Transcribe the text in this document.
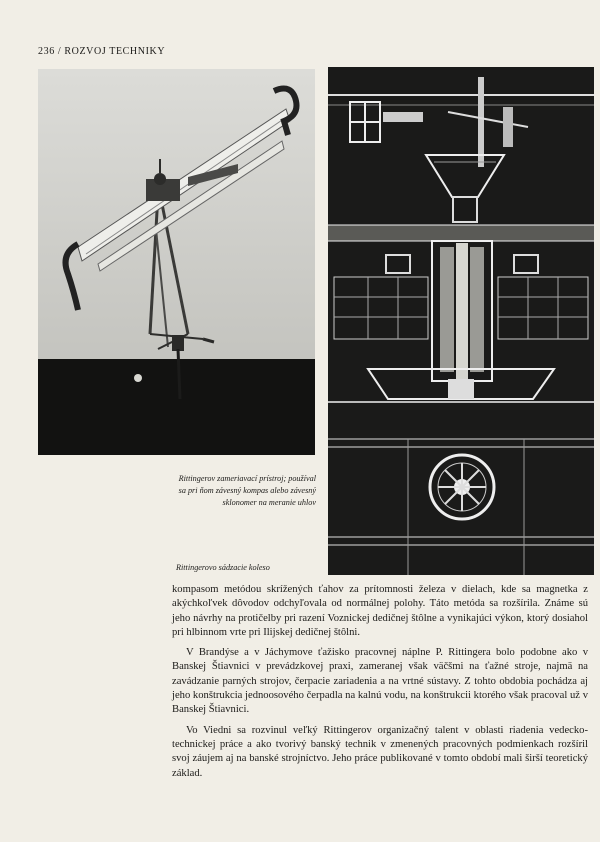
236 / ROZVOJ TECHNIKY
Rittingerov zameriavací prístroj; používal sa pri ňom závesný kompas alebo závesný sklonomer na meranie uhlov
Rittingerovo sádzacie koleso

kompasom metódou skrížených ťahov za prítomnosti železa v dielach, kde sa magnetka z akýchkoľvek dôvodov odchyľovala od normálnej polohy. Táto metóda sa rozšírila. Známe sú jeho návrhy na protičelby pri razení Voznickej dedičnej štôlne a vynikajúci výkon, ktorý dosiahol pri hlbinnom vrte pri Ilijskej dedičnej štôlni.

V Brandýse a v Jáchymove ťažisko pracovnej náplne P. Rittingera bolo podobne ako v Banskej Štiavnici v prevádzkovej praxi, zameranej však väčšmi na ťažné stroje, najmä na zavádzanie parných strojov, čerpacie zariadenia a na vrtné sústavy. Z tohto obdobia pochádza aj jeho konštrukcia jednoosového čerpadla na kalnú vodu, na konštrukcii ktorého však pracoval už v Banskej Štiavnici.

Vo Viedni sa rozvinul veľký Rittingerov organizačný talent v oblasti riadenia vedecko-technickej práce a ako tvorivý banský technik v zmenených pracovných podmienkach rozšíril svoj záujem aj na banské strojníctvo. Jeho práce publikované v tomto období mali širší teoretický základ.
